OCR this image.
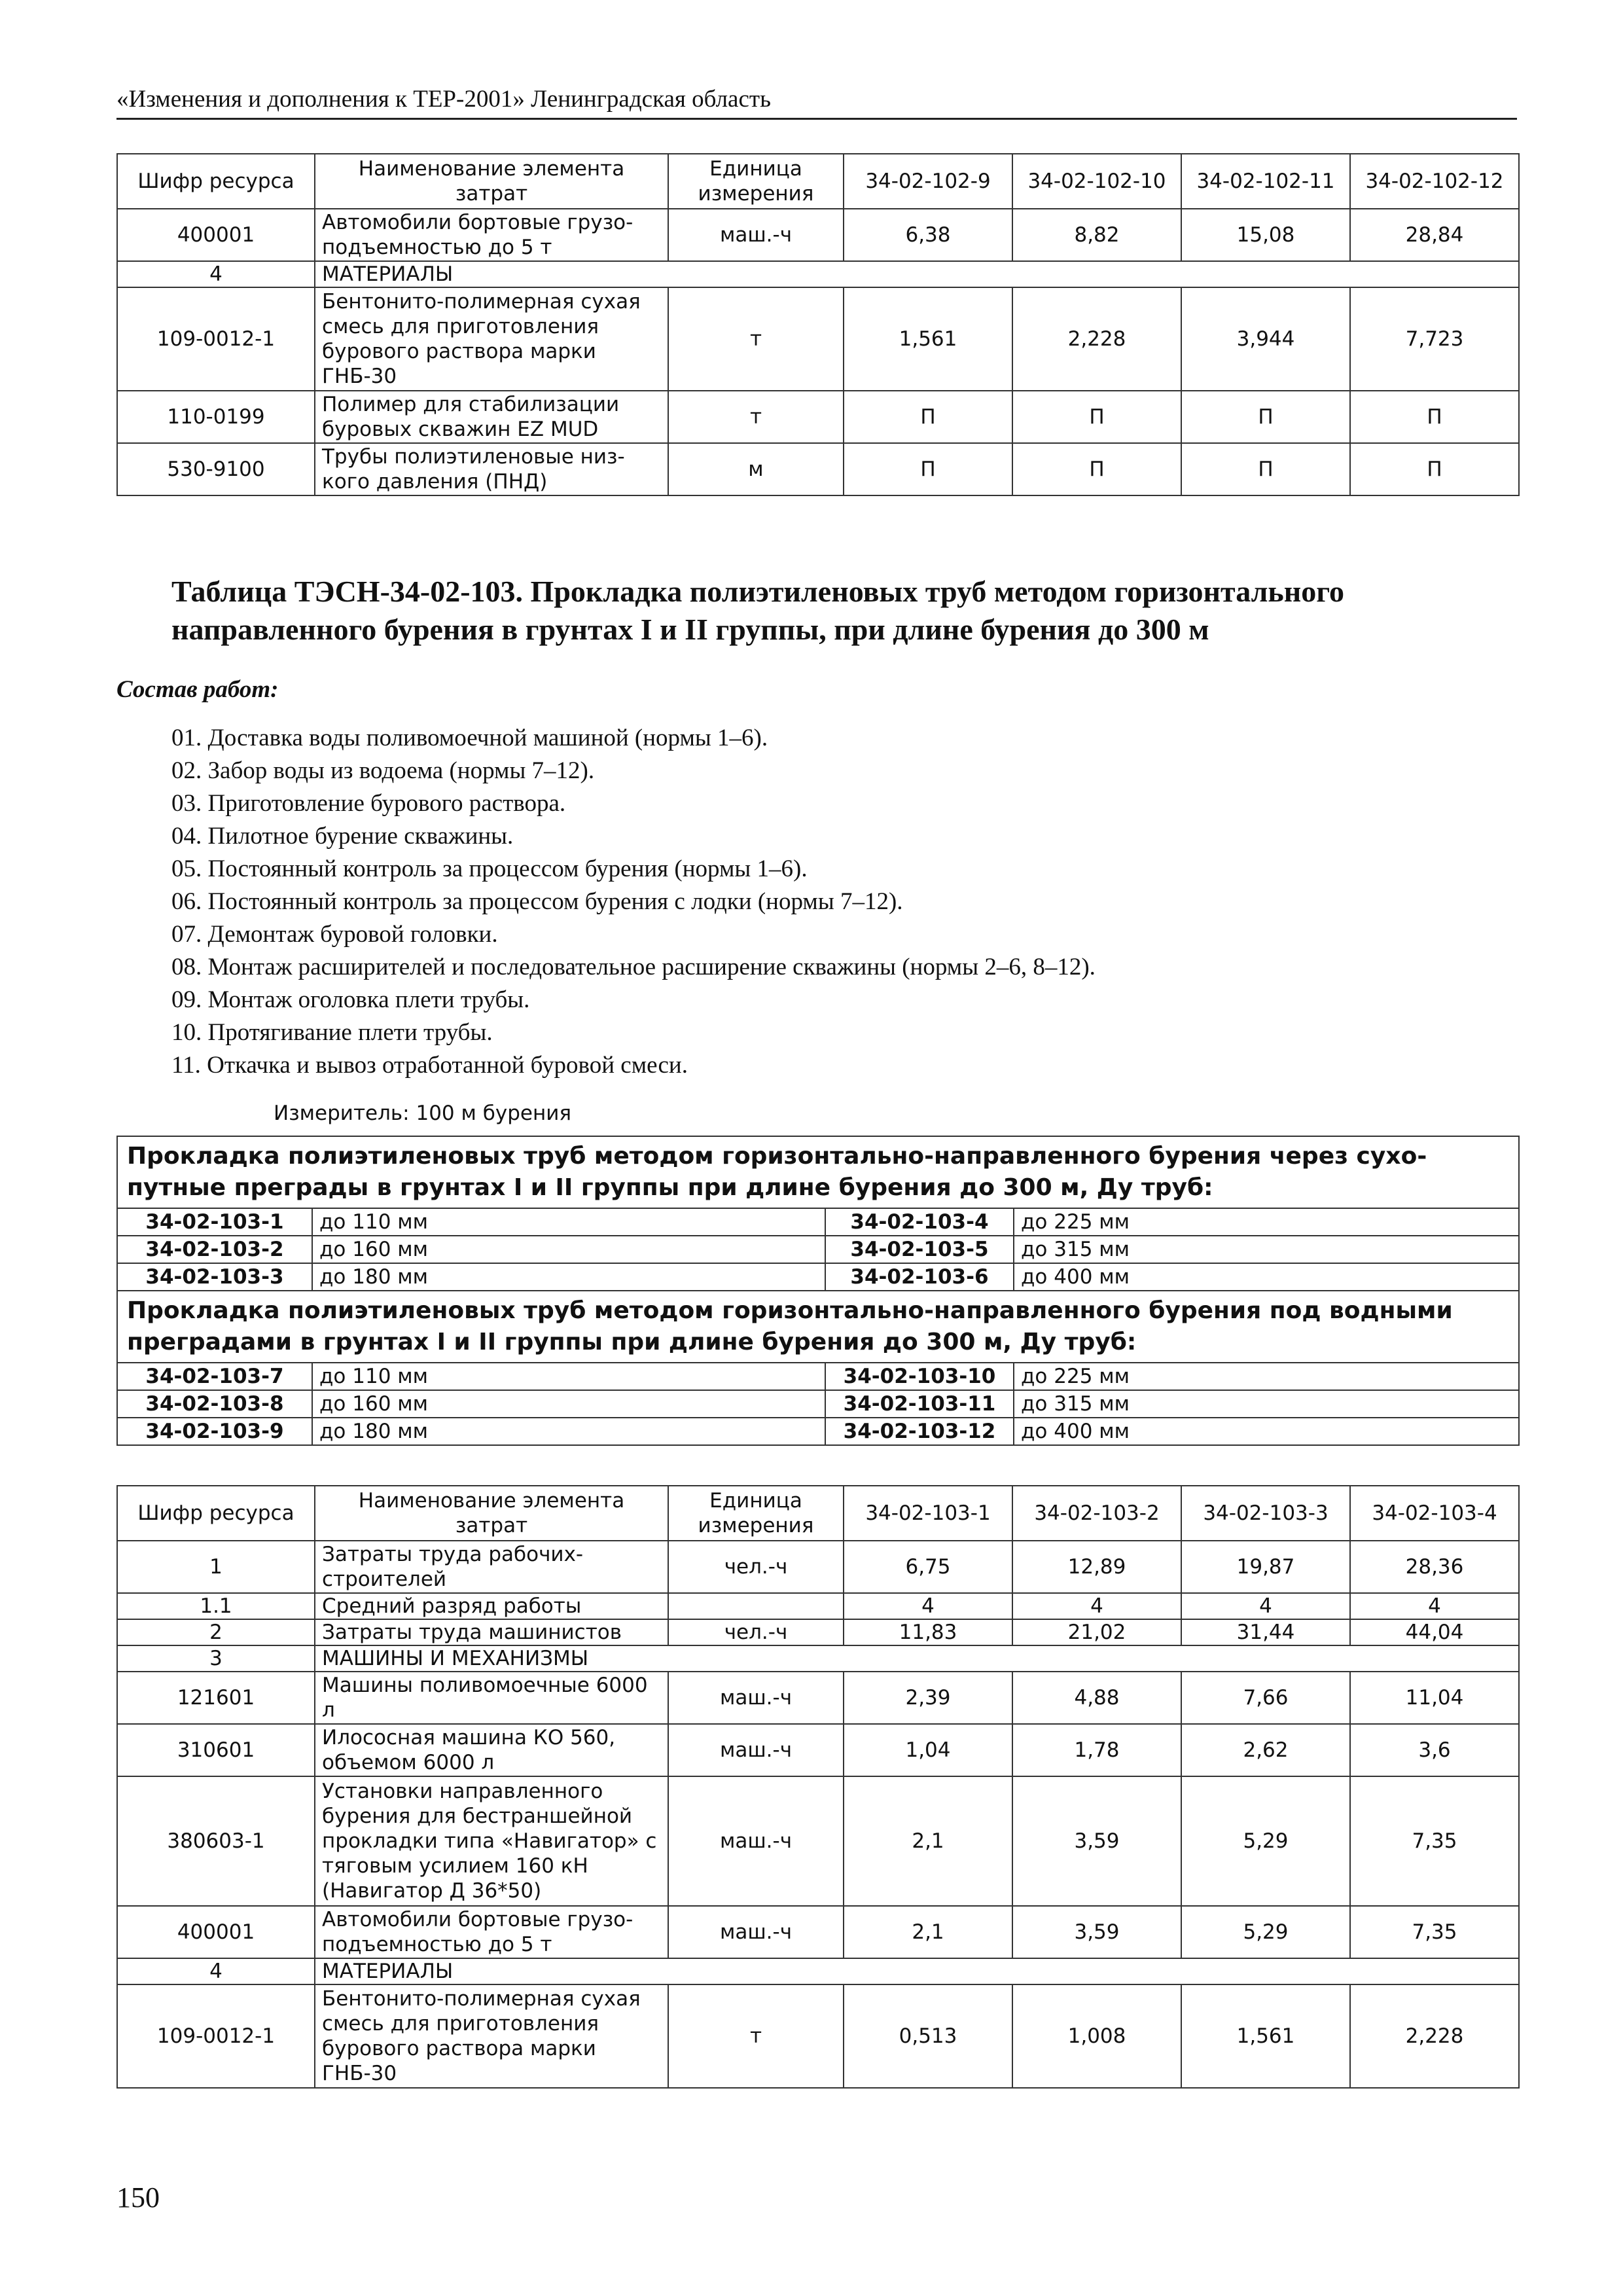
«Изменения и дополнения к ТЕР-2001» Ленинградская область
Шифр ресурса	Наименование элемента затрат	Единица измерения	34-02-102-9	34-02-102-10	34-02-102-11	34-02-102-12
400001	Автомобили бортовые грузо-подъемностью до 5 т	маш.-ч	6,38	8,82	15,08	28,84
4	МАТЕРИАЛЫ					
109-0012-1	Бентонито-полимерная сухая смесь для приготовления бурового раствора марки ГНБ-30	т	1,561	2,228	3,944	7,723
110-0199	Полимер для стабилизации буровых скважин EZ MUD	т	П	П	П	П
530-9100	Трубы полиэтиленовые низ-кого давления (ПНД)	м	П	П	П	П
Таблица ТЭСН-34-02-103. Прокладка полиэтиленовых труб методом горизонтального направленного бурения в грунтах I и II группы, при длине бурения до 300 м
Состав работ:
01. Доставка воды поливомоечной машиной (нормы 1–6).
02. Забор воды из водоема (нормы 7–12).
03. Приготовление бурового раствора.
04. Пилотное бурение скважины.
05. Постоянный контроль за процессом бурения (нормы 1–6).
06. Постоянный контроль за процессом бурения с лодки (нормы 7–12).
07. Демонтаж буровой головки.
08. Монтаж расширителей и последовательное расширение скважины (нормы 2–6, 8–12).
09. Монтаж оголовка плети трубы.
10. Протягивание плети трубы.
11. Откачка и вывоз отработанной буровой смеси.
Измеритель: 100 м бурения
Прокладка полиэтиленовых труб методом горизонтально-направленного бурения через сухо-путные преграды в грунтах I и II группы при длине бурения до 300 м, Ду труб:			
34-02-103-1	до 110 мм	34-02-103-4	до 225 мм
34-02-103-2	до 160 мм	34-02-103-5	до 315 мм
34-02-103-3	до 180 мм	34-02-103-6	до 400 мм
Прокладка полиэтиленовых труб методом горизонтально-направленного бурения под водными преградами в грунтах I и II группы при длине бурения до 300 м, Ду труб:			
34-02-103-7	до 110 мм	34-02-103-10	до 225 мм
34-02-103-8	до 160 мм	34-02-103-11	до 315 мм
34-02-103-9	до 180 мм	34-02-103-12	до 400 мм
Шифр ресурса	Наименование элемента затрат	Единица измерения	34-02-103-1	34-02-103-2	34-02-103-3	34-02-103-4
1	Затраты труда рабочих-строителей	чел.-ч	6,75	12,89	19,87	28,36
1.1	Средний разряд работы		4	4	4	4
2	Затраты труда машинистов	чел.-ч	11,83	21,02	31,44	44,04
3	МАШИНЫ И МЕХАНИЗМЫ					
121601	Машины поливомоечные 6000 л	маш.-ч	2,39	4,88	7,66	11,04
310601	Илососная машина КО 560, объемом 6000 л	маш.-ч	1,04	1,78	2,62	3,6
380603-1	Установки направленного бурения для бестраншейной прокладки типа «Навигатор» с тяговым усилием 160 кН (Навигатор Д 36*50)	маш.-ч	2,1	3,59	5,29	7,35
400001	Автомобили бортовые грузо-подъемностью до 5 т	маш.-ч	2,1	3,59	5,29	7,35
4	МАТЕРИАЛЫ					
109-0012-1	Бентонито-полимерная сухая смесь для приготовления бурового раствора марки ГНБ-30	т	0,513	1,008	1,561	2,228
150
